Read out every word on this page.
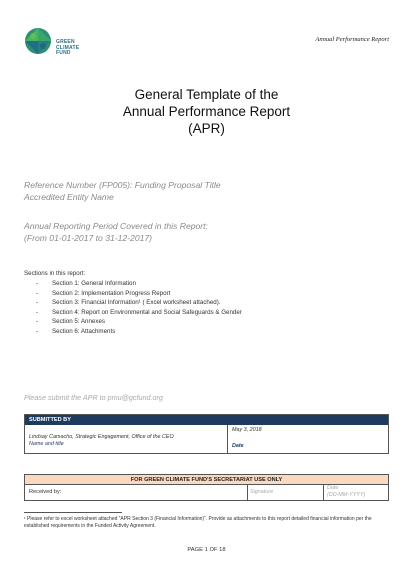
GREEN
CLIMATE
FUND
Annual Performance Report
General Template of the
Annual Performance Report
(APR)
Reference Number (FP005): Funding Proposal Title
Accredited Entity Name
Annual Reporting Period Covered in this Report:
(From 01-01-2017 to 31-12-2017)
Sections in this report:
- Section 1: General Information
- Section 2: Implementation Progress Report
- Section 3: Financial Information¹ ( Excel worksheet attached).
- Section 4: Report on Environmental and Social Safeguards & Gender
- Section 5: Annexes
- Section 6: Attachments
Please submit the APR to pmu@gcfund.org
SUBMITTED BY
Lindsay Camacho, Strategic Engagement, Office of the CEO
Name and title
May 3, 2018
Date
FOR GREEN CLIMATE FUND'S SECRETARIAT USE ONLY
Received by:	Signature
Date
(DD-MM-YYYY)
¹ Please refer to excel worksheet attached “APR Section 3 (Financial Information)”. Provide as attachments to this report detailed financial information per the established requirements in the Funded Activity Agreement.
PAGE 1 OF 18
